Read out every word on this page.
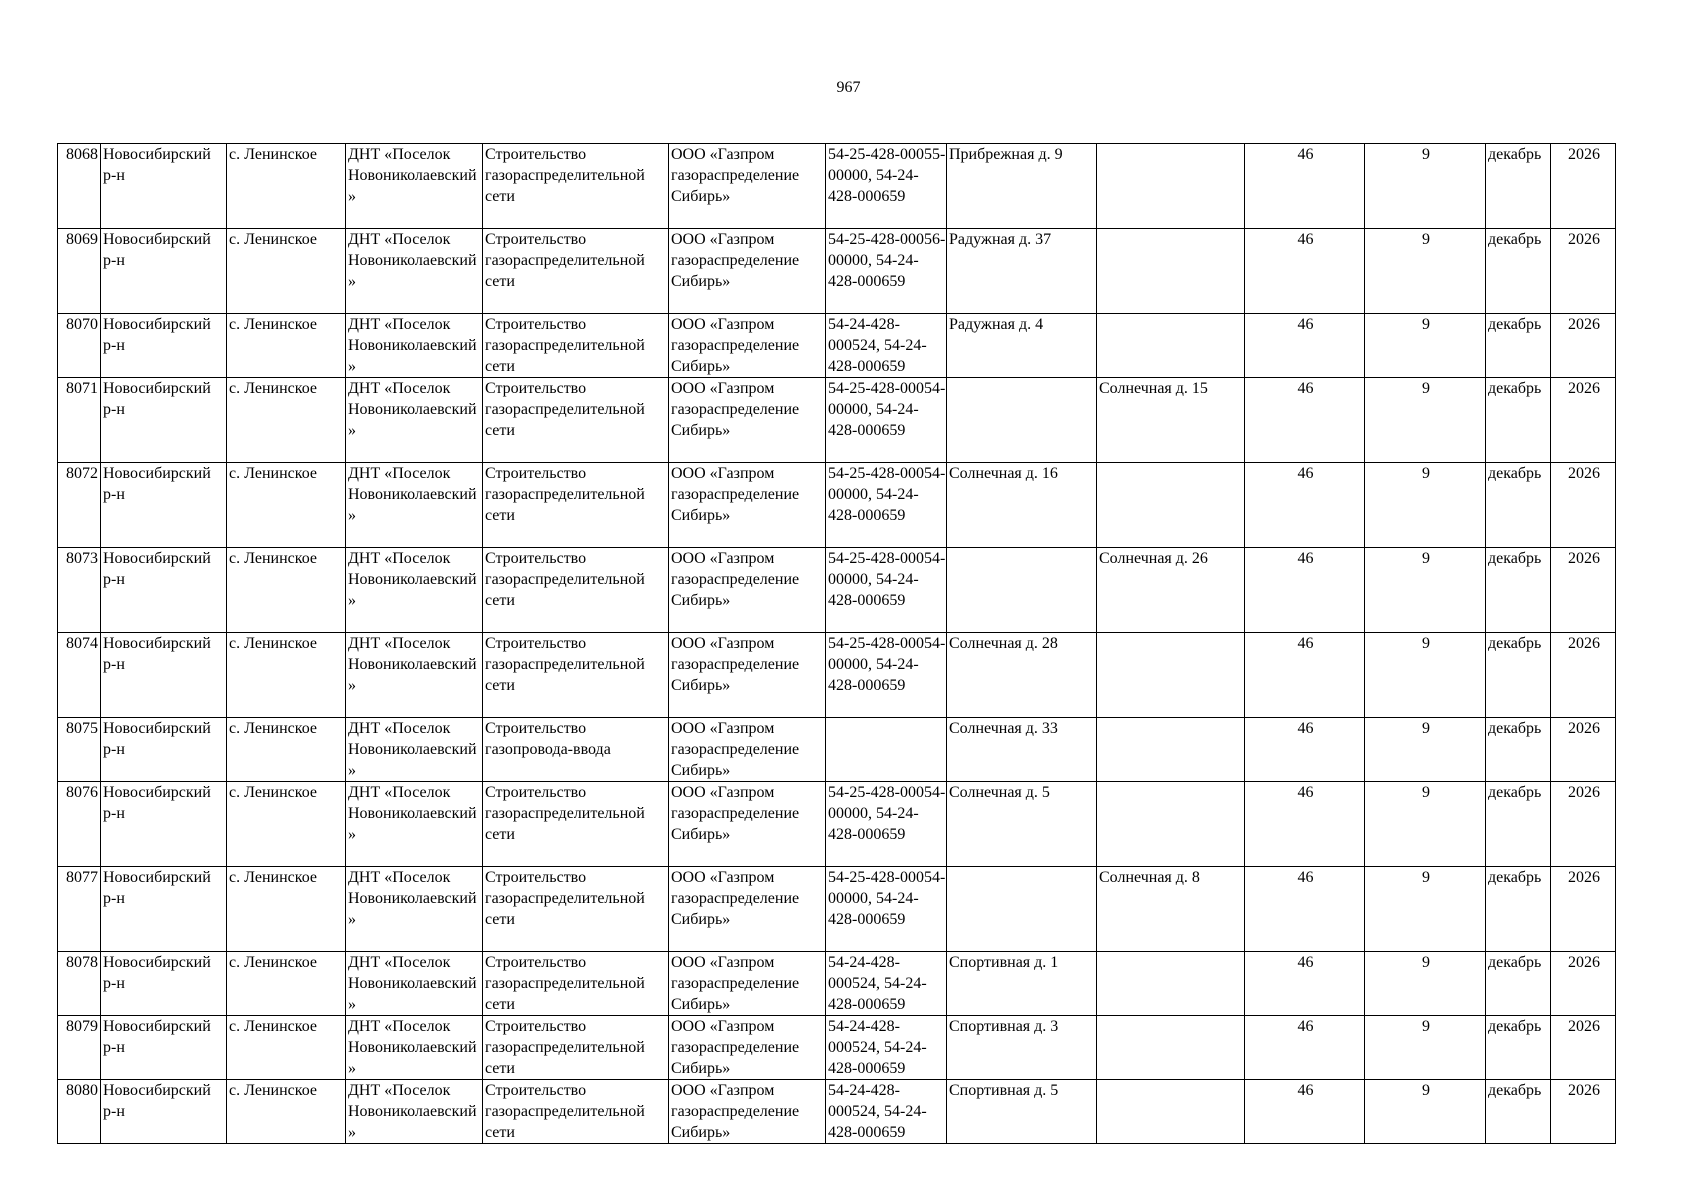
967
8068	Новосибирский р-н	с. Ленинское	ДНТ «Поселок Новониколаевский»	Строительство газораспределительной сети	ООО «Газпром газораспределение Сибирь»	54-25-428-00055-00000, 54-24-428-000659	Прибрежная д. 9		46	9	декабрь	2026
8069	Новосибирский р-н	с. Ленинское	ДНТ «Поселок Новониколаевский»	Строительство газораспределительной сети	ООО «Газпром газораспределение Сибирь»	54-25-428-00056-00000, 54-24-428-000659	Радужная д. 37		46	9	декабрь	2026
8070	Новосибирский р-н	с. Ленинское	ДНТ «Поселок Новониколаевский»	Строительство газораспределительной сети	ООО «Газпром газораспределение Сибирь»	54-24-428-000524, 54-24-428-000659	Радужная д. 4		46	9	декабрь	2026
8071	Новосибирский р-н	с. Ленинское	ДНТ «Поселок Новониколаевский»	Строительство газораспределительной сети	ООО «Газпром газораспределение Сибирь»	54-25-428-00054-00000, 54-24-428-000659		Солнечная д. 15	46	9	декабрь	2026
8072	Новосибирский р-н	с. Ленинское	ДНТ «Поселок Новониколаевский»	Строительство газораспределительной сети	ООО «Газпром газораспределение Сибирь»	54-25-428-00054-00000, 54-24-428-000659	Солнечная д. 16		46	9	декабрь	2026
8073	Новосибирский р-н	с. Ленинское	ДНТ «Поселок Новониколаевский»	Строительство газораспределительной сети	ООО «Газпром газораспределение Сибирь»	54-25-428-00054-00000, 54-24-428-000659		Солнечная д. 26	46	9	декабрь	2026
8074	Новосибирский р-н	с. Ленинское	ДНТ «Поселок Новониколаевский»	Строительство газораспределительной сети	ООО «Газпром газораспределение Сибирь»	54-25-428-00054-00000, 54-24-428-000659	Солнечная д. 28		46	9	декабрь	2026
8075	Новосибирский р-н	с. Ленинское	ДНТ «Поселок Новониколаевский»	Строительство газопровода-ввода	ООО «Газпром газораспределение Сибирь»		Солнечная д. 33		46	9	декабрь	2026
8076	Новосибирский р-н	с. Ленинское	ДНТ «Поселок Новониколаевский»	Строительство газораспределительной сети	ООО «Газпром газораспределение Сибирь»	54-25-428-00054-00000, 54-24-428-000659	Солнечная д. 5		46	9	декабрь	2026
8077	Новосибирский р-н	с. Ленинское	ДНТ «Поселок Новониколаевский»	Строительство газораспределительной сети	ООО «Газпром газораспределение Сибирь»	54-25-428-00054-00000, 54-24-428-000659		Солнечная д. 8	46	9	декабрь	2026
8078	Новосибирский р-н	с. Ленинское	ДНТ «Поселок Новониколаевский»	Строительство газораспределительной сети	ООО «Газпром газораспределение Сибирь»	54-24-428-000524, 54-24-428-000659	Спортивная д. 1		46	9	декабрь	2026
8079	Новосибирский р-н	с. Ленинское	ДНТ «Поселок Новониколаевский»	Строительство газораспределительной сети	ООО «Газпром газораспределение Сибирь»	54-24-428-000524, 54-24-428-000659	Спортивная д. 3		46	9	декабрь	2026
8080	Новосибирский р-н	с. Ленинское	ДНТ «Поселок Новониколаевский»	Строительство газораспределительной сети	ООО «Газпром газораспределение Сибирь»	54-24-428-000524, 54-24-428-000659	Спортивная д. 5		46	9	декабрь	2026
